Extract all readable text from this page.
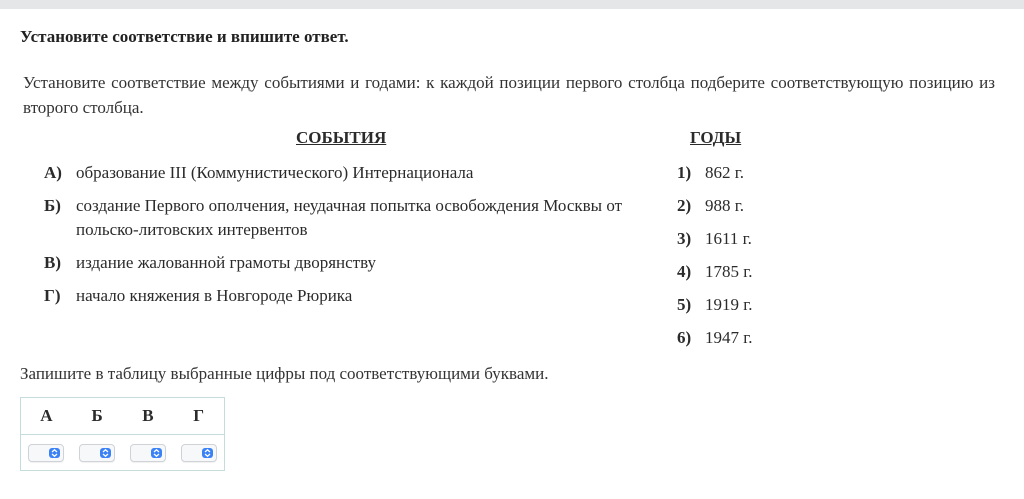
Установите соответствие и впишите ответ.
Установите соответствие между событиями и годами: к каждой позиции первого столбца подберите соответствующую позицию из второго столбца.
СОБЫТИЯ	ГОДЫ
А) образование III (Коммунистического) Интернационала
Б) создание Первого ополчения, неудачная попытка освобождения Москвы от польско-литовских интервентов
В) издание жалованной грамоты дворянству
Г) начало княжения в Новгороде Рюрика
1) 862 г.
2) 988 г.
3) 1611 г.
4) 1785 г.
5) 1919 г.
6) 1947 г.
Запишите в таблицу выбранные цифры под соответствующими буквами.
А	Б	В	Г
